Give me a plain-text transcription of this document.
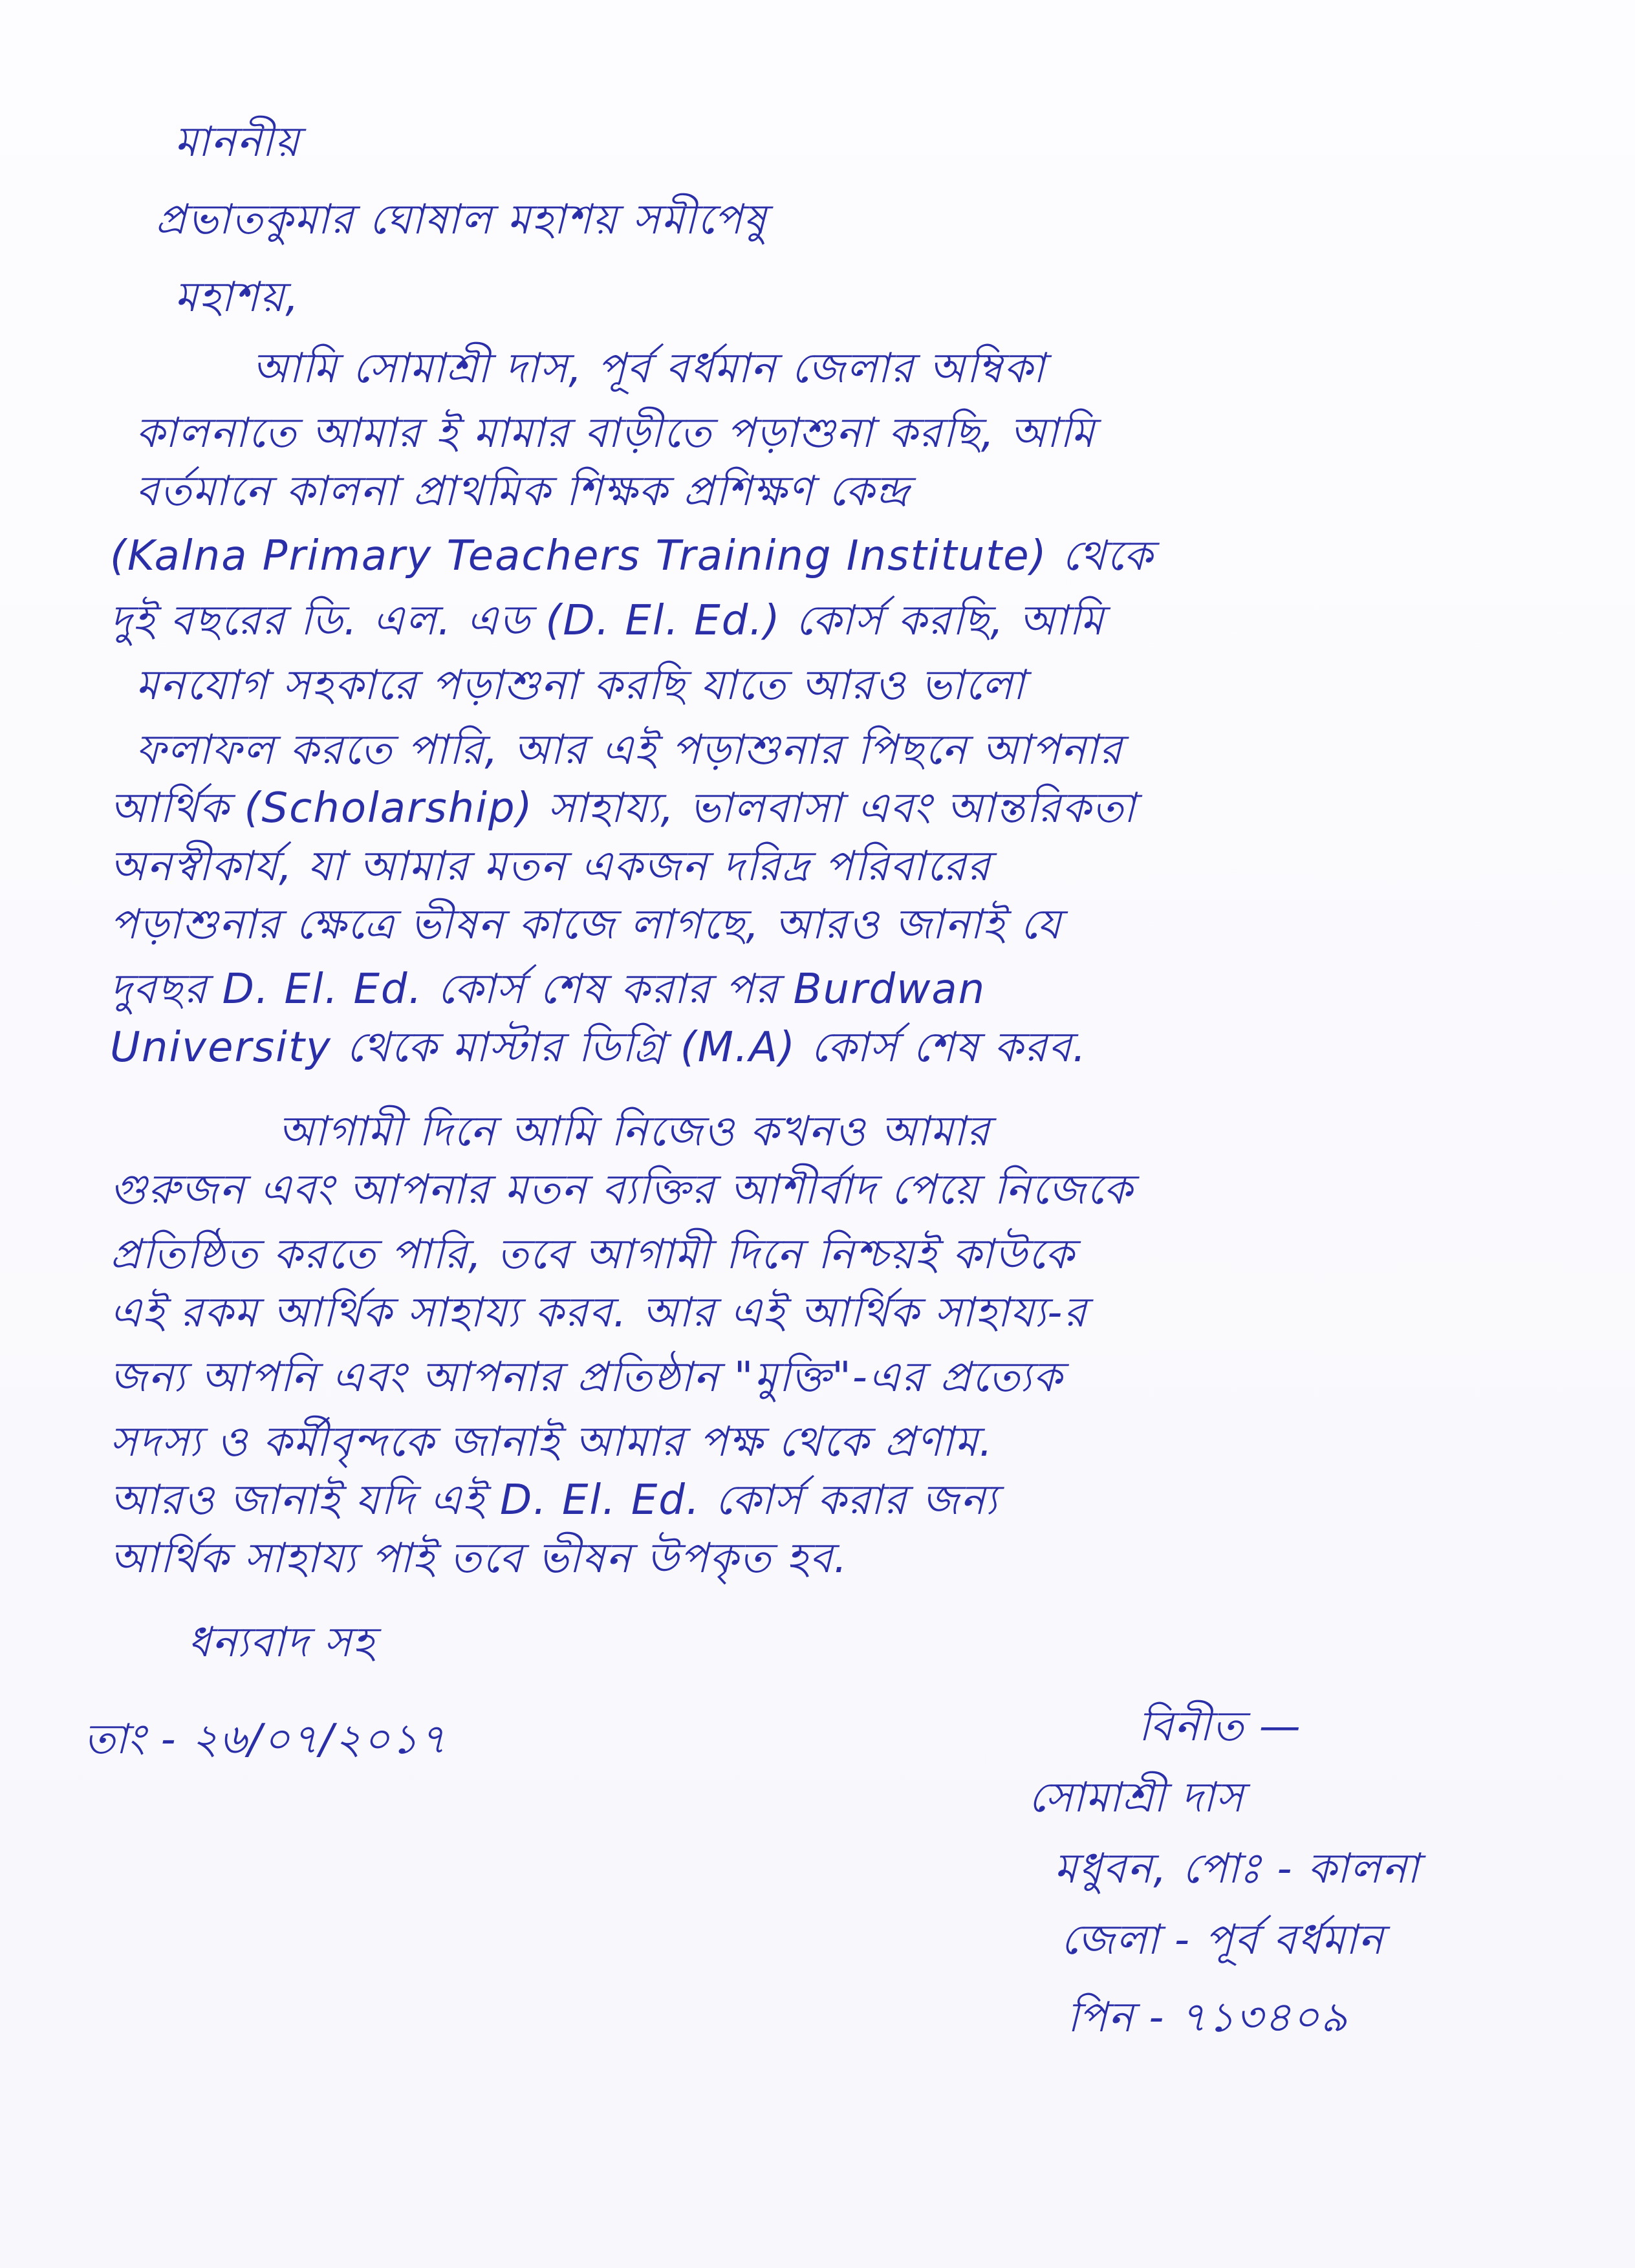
মাননীয়
প্রভাতকুমার ঘোষাল মহাশয় সমীপেষু
মহাশয়,
আমি সোমাশ্রী দাস, পূর্ব বর্ধমান জেলার অম্বিকা
কালনাতে আমার ই মামার বাড়ীতে পড়াশুনা করছি, আমি
বর্তমানে কালনা প্রাথমিক শিক্ষক প্রশিক্ষণ কেন্দ্র
(Kalna Primary Teachers Training Institute) থেকে
দুই বছরের ডি. এল. এড (D. El. Ed.) কোর্স করছি, আমি
মনযোগ সহকারে পড়াশুনা করছি যাতে আরও ভালো
ফলাফল করতে পারি, আর এই পড়াশুনার পিছনে আপনার
আর্থিক (Scholarship) সাহায্য, ভালবাসা এবং আন্তরিকতা
অনস্বীকার্য, যা আমার মতন একজন দরিদ্র পরিবারের
পড়াশুনার ক্ষেত্রে ভীষন কাজে লাগছে, আরও জানাই যে
দুবছর D. El. Ed. কোর্স শেষ করার পর Burdwan
University থেকে মাস্টার ডিগ্রি (M.A) কোর্স শেষ করব.
আগামী দিনে আমি নিজেও কখনও আমার
গুরুজন এবং আপনার মতন ব্যক্তির আশীর্বাদ পেয়ে নিজেকে
প্রতিষ্ঠিত করতে পারি, তবে আগামী দিনে নিশ্চয়ই কাউকে
এই রকম আর্থিক সাহায্য করব. আর এই আর্থিক সাহায্য-র
জন্য আপনি এবং আপনার প্রতিষ্ঠান "মুক্তি"-এর প্রত্যেক
সদস্য ও কর্মীবৃন্দকে জানাই আমার পক্ষ থেকে প্রণাম.
আরও জানাই যদি এই D. El. Ed. কোর্স করার জন্য
আর্থিক সাহায্য পাই তবে ভীষন উপকৃত হব.
ধন্যবাদ সহ
তাং - ২৬/০৭/২০১৭	বিনীত —
সোমাশ্রী দাস
মধুবন, পোঃ - কালনা
জেলা - পূর্ব বর্ধমান
পিন - ৭১৩৪০৯
